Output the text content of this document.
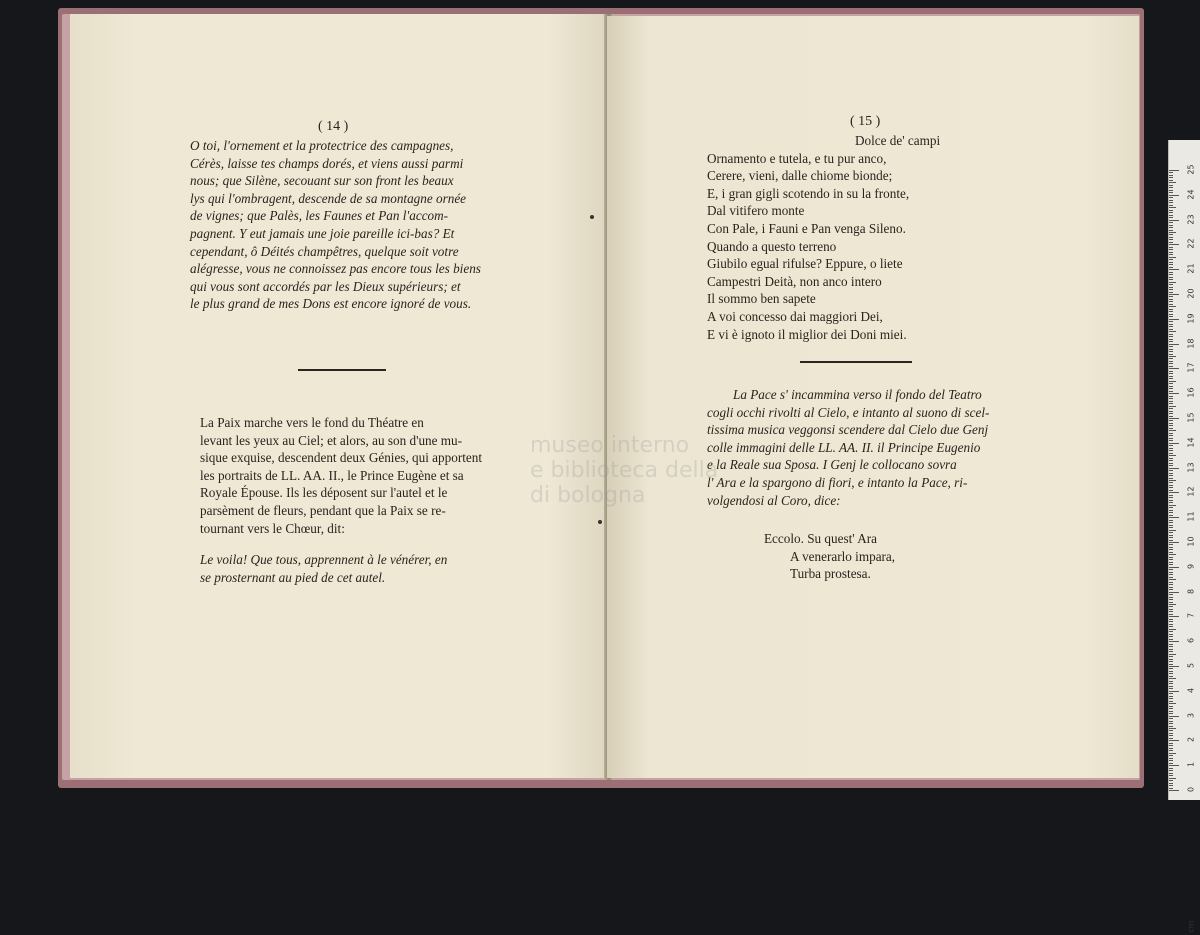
( 14 )
O toi, l'ornement et la protectrice des campagnes,
Cérès, laisse tes champs dorés, et viens aussi parmi
nous; que Silène, secouant sur son front les beaux
lys qui l'ombragent, descende de sa montagne ornée
de vignes; que Palès, les Faunes et Pan l'accom-
pagnent. Y eut jamais une joie pareille ici-bas? Et
cependant, ô Déités champêtres, quelque soit votre
alégresse, vous ne connoissez pas encore tous les biens
qui vous sont accordés par les Dieux supérieurs; et
le plus grand de mes Dons est encore ignoré de vous.
La Paix marche vers le fond du Théatre en
levant les yeux au Ciel; et alors, au son d'une mu-
sique exquise, descendent deux Génies, qui apportent
les portraits de LL. AA. II., le Prince Eugène et sa
Royale Épouse. Ils les déposent sur l'autel et le
parsèment de fleurs, pendant que la Paix se re-
tournant vers le Chœur, dit:
Le voila! Que tous, apprennent à le vénérer, en
se prosternant au pied de cet autel.
( 15 )
Dolce de' campi
Ornamento e tutela, e tu pur anco,
Cerere, vieni, dalle chiome bionde;
E, i gran gigli scotendo in su la fronte,
Dal vitifero monte
Con Pale, i Fauni e Pan venga Sileno.
Quando a questo terreno
Giubilo egual rifulse? Eppure, o liete
Campestri Deità, non anco intero
Il sommo ben sapete
A voi concesso dai maggiori Dei,
E vi è ignoto il miglior dei Doni miei.
La Pace s' incammina verso il fondo del Teatro
cogli occhi rivolti al Cielo, e intanto al suono di scel-
tissima musica veggonsi scendere dal Cielo due Genj
colle immagini delle LL. AA. II. il Principe Eugenio
e la Reale sua Sposa. I Genj le collocano sovra
l' Ara e la spargono di fiori, e intanto la Pace, ri-
volgendosi al Coro, dice:
Eccolo. Su quest' Ara
A venerarlo impara,
Turba prostesa.
museo interno
e biblioteca della
di bologna
cm
0
1
2
3
4
5
6
7
8
9
10
11
12
13
14
15
16
17
18
19
20
21
22
23
24
25
